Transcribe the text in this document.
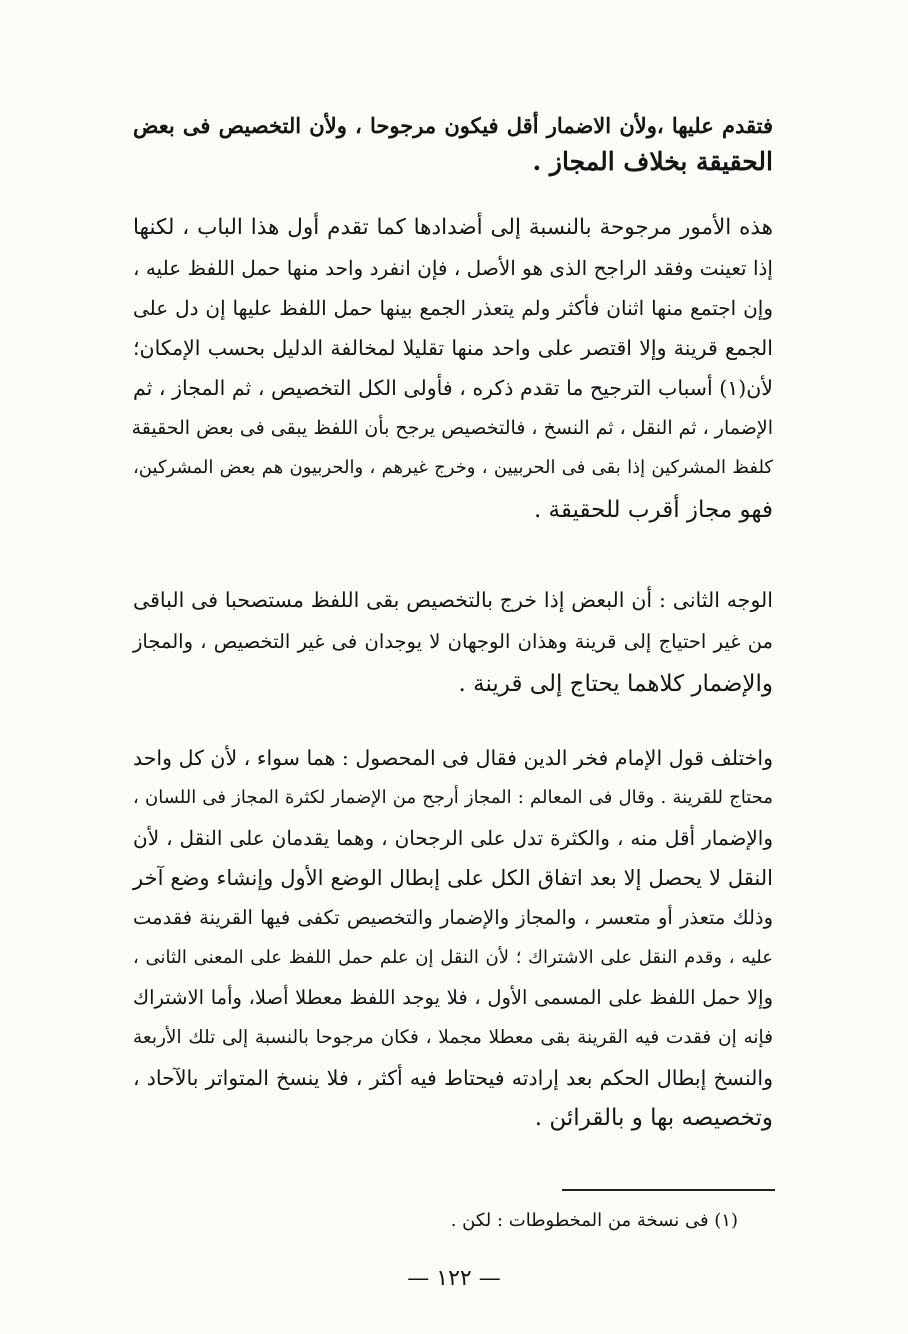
فتقدم عليها ،ولأن الاضمار أقل فيكون مرجوحا ، ولأن التخصيص فى بعض
الحقيقة بخلاف المجاز .
هذه الأمور مرجوحة بالنسبة إلى أضدادها كما تقدم أول هذا الباب ، لكنها
إذا تعينت وفقد الراجح الذى هو الأصل ، فإن انفرد واحد منها حمل اللفظ عليه ،
وإن اجتمع منها اثنان فأكثر ولم يتعذر الجمع بينها حمل اللفظ عليها إن دل على
الجمع قرينة وإلا اقتصر على واحد منها تقليلا لمخالفة الدليل بحسب الإمكان؛
لأن(١) أسباب الترجيح ما تقدم ذكره ، فأولى الكل التخصيص ، ثم المجاز ، ثم
الإضمار ، ثم النقل ، ثم النسخ ، فالتخصيص يرجح بأن اللفظ يبقى فى بعض الحقيقة
كلفظ المشركين إذا بقى فى الحربيين ، وخرج غيرهم ، والحربيون هم بعض المشركين،
فهو مجاز أقرب للحقيقة .
الوجه الثانى : أن البعض إذا خرج بالتخصيص بقى اللفظ مستصحبا فى الباقى
من غير احتياج إلى قرينة وهذان الوجهان لا يوجدان فى غير التخصيص ، والمجاز
والإضمار كلاهما يحتاج إلى قرينة .
واختلف قول الإمام فخر الدين فقال فى المحصول : هما سواء ، لأن كل واحد
محتاج للقرينة . وقال فى المعالم : المجاز أرجح من الإضمار لكثرة المجاز فى اللسان ،
والإضمار أقل منه ، والكثرة تدل على الرجحان ، وهما يقدمان على النقل ، لأن
النقل لا يحصل إلا بعد اتفاق الكل على إبطال الوضع الأول وإنشاء وضع آخر
وذلك متعذر أو متعسر ، والمجاز والإضمار والتخصيص تكفى فيها القرينة فقدمت
عليه ، وقدم النقل على الاشتراك ؛ لأن النقل إن علم حمل اللفظ على المعنى الثانى ،
وإلا حمل اللفظ على المسمى الأول ، فلا يوجد اللفظ معطلا أصلا، وأما الاشتراك
فإنه إن فقدت فيه القرينة بقى معطلا مجملا ، فكان مرجوحا بالنسبة إلى تلك الأربعة
والنسخ إبطال الحكم بعد إرادته فيحتاط فيه أكثر ، فلا ينسخ المتواتر بالآحاد ،
وتخصيصه بها و بالقرائن .
(١) فى نسخة من المخطوطات : لكن .
— ١٢٢ —
